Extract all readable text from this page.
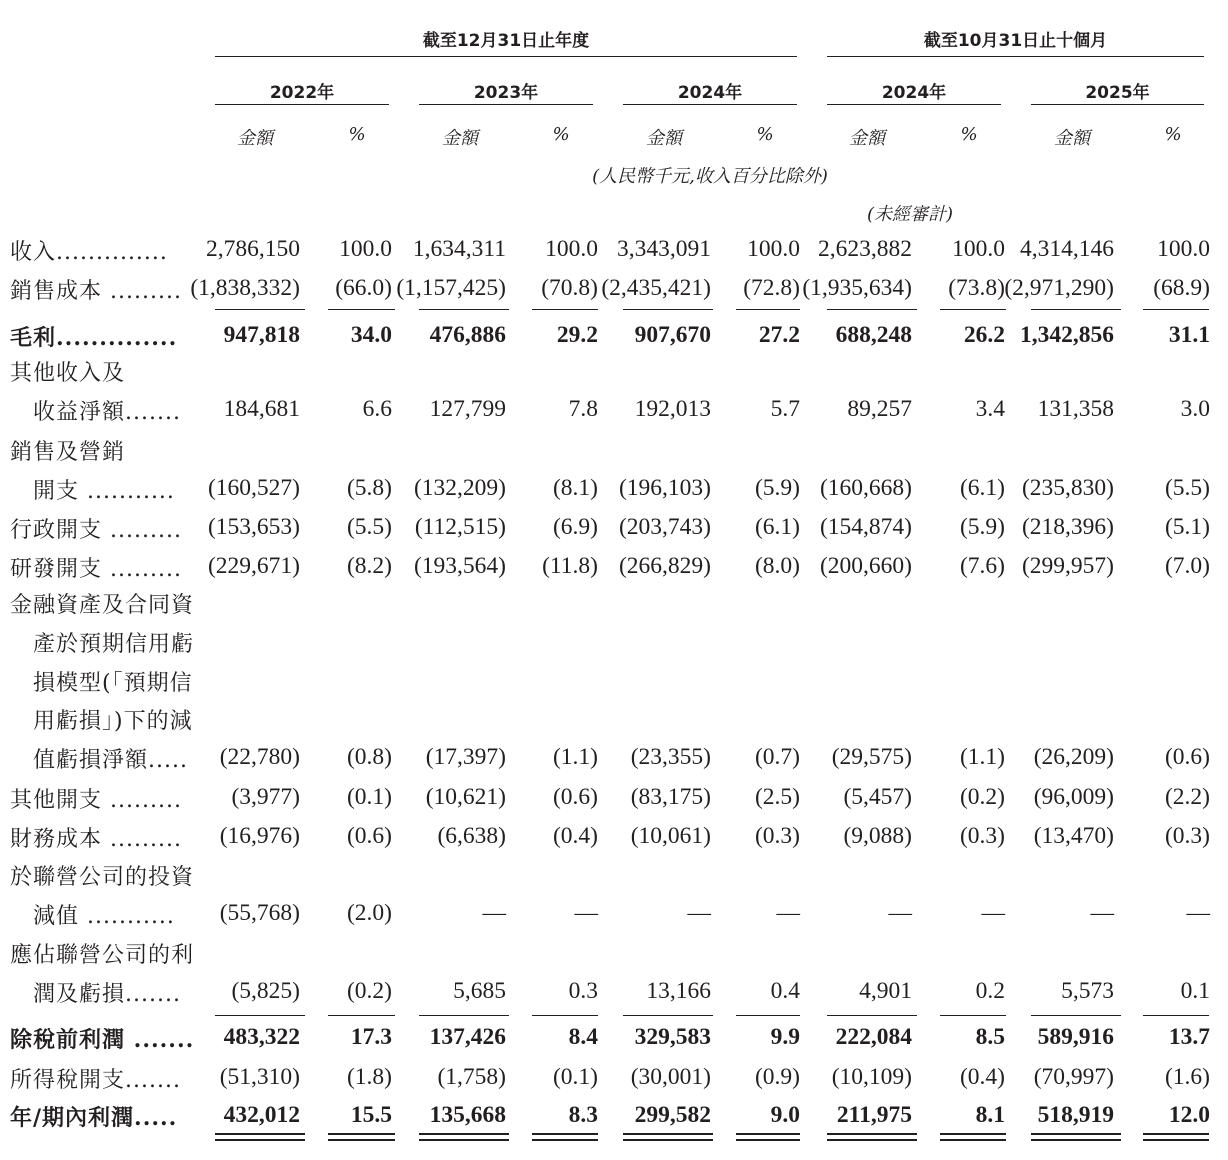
截至12月31日止年度	截至10月31日止十個月
2022年	2023年	2024年	2024年	2025年
金額	%	金額	%	金額	%	金額	%	金額	%
(人民幣千元,收入百分比除外)
(未經審計)
收入..............	2,786,150	100.0 1,634,311	100.0 3,343,091	100.0 2,623,882	100.0 4,314,146	100.0
銷售成本 ......... (1,838,332)	(66.0) (1,157,425)	(70.8) (2,435,421)	(72.8) (1,935,634)	(73.8) (2,971,290)	(68.9)
毛利..............	947,818	34.0	476,886	29.2	907,670	27.2	688,248	26.2 1,342,856	31.1
其他收入及
　收益淨額.......	184,681	6.6	127,799	7.8	192,013	5.7	89,257	3.4	131,358	3.0
銷售及營銷
　開支 ...........	(160,527)	(5.8) (132,209)	(8.1) (196,103)	(5.9) (160,668)	(6.1) (235,830)	(5.5)
行政開支 .........	(153,653)	(5.5) (112,515)	(6.9) (203,743)	(6.1) (154,874)	(5.9) (218,396)	(5.1)
研發開支 .........	(229,671)	(8.2) (193,564)	(11.8) (266,829)	(8.0) (200,660)	(7.6) (299,957)	(7.0)
金融資產及合同資
　產於預期信用虧
　損模型(「預期信
　用虧損」)下的減
　值虧損淨額.....	(22,780)	(0.8)	(17,397)	(1.1)	(23,355)	(0.7)	(29,575)	(1.1)	(26,209)	(0.6)
其他開支 .........	(3,977)	(0.1)	(10,621)	(0.6)	(83,175)	(2.5)	(5,457)	(0.2)	(96,009)	(2.2)
財務成本 .........	(16,976)	(0.6)	(6,638)	(0.4)	(10,061)	(0.3)	(9,088)	(0.3)	(13,470)	(0.3)
於聯營公司的投資
　減值 ...........	(55,768)	(2.0)	—	—	—	—	—	—	—	—
應佔聯營公司的利
　潤及虧損.......	(5,825)	(0.2)	5,685	0.3	13,166	0.4	4,901	0.2	5,573	0.1
除稅前利潤 .......	483,322	17.3	137,426	8.4	329,583	9.9	222,084	8.5	589,916	13.7
所得稅開支.......	(51,310)	(1.8)	(1,758)	(0.1)	(30,001)	(0.9)	(10,109)	(0.4)	(70,997)	(1.6)
年/期內利潤.....	432,012	15.5	135,668	8.3	299,582	9.0	211,975	8.1	518,919	12.0
